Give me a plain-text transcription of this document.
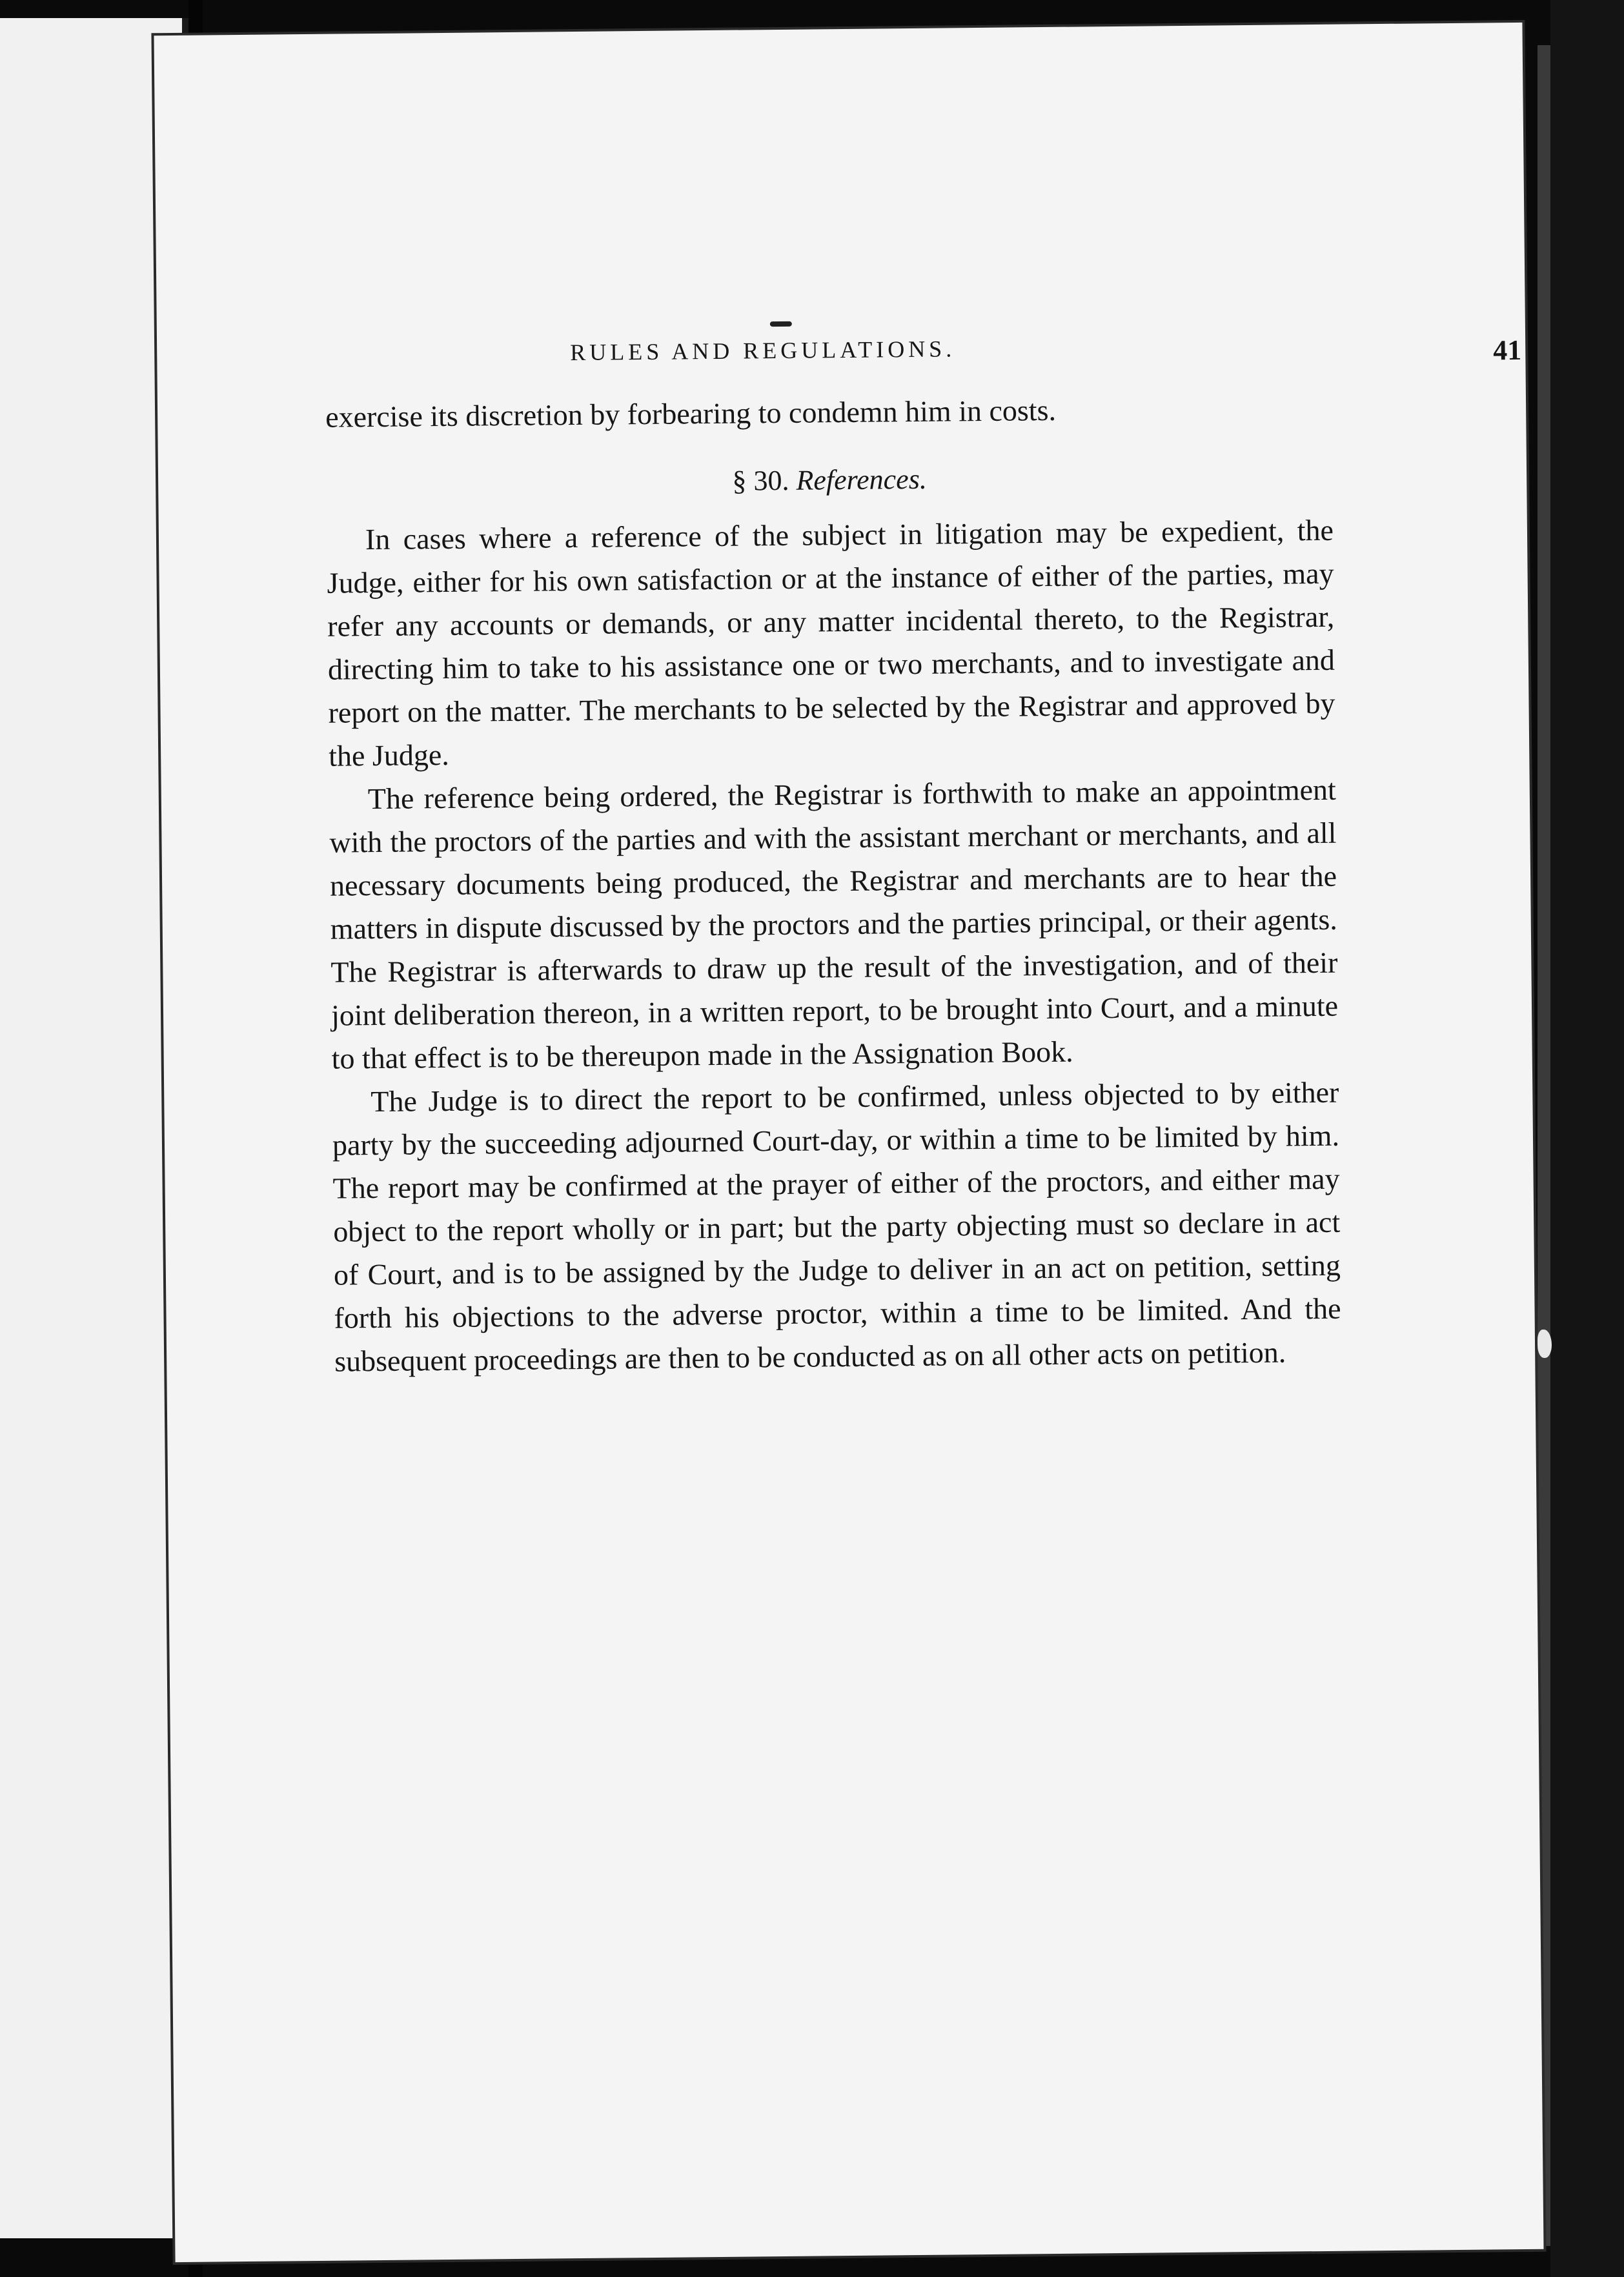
RULES AND REGULATIONS.	41

exercise its discretion by forbearing to condemn him in costs.

§ 30. References.

In cases where a reference of the subject in litigation may be expedient, the Judge, either for his own satisfaction or at the instance of either of the parties, may refer any accounts or demands, or any matter incidental thereto, to the Registrar, directing him to take to his assistance one or two merchants, and to investigate and report on the matter. The merchants to be selected by the Registrar and approved by the Judge.

The reference being ordered, the Registrar is forthwith to make an appointment with the proctors of the parties and with the assistant merchant or merchants, and all necessary documents being produced, the Registrar and merchants are to hear the matters in dispute discussed by the proctors and the parties principal, or their agents. The Registrar is afterwards to draw up the result of the investigation, and of their joint deliberation thereon, in a written report, to be brought into Court, and a minute to that effect is to be thereupon made in the Assignation Book.

The Judge is to direct the report to be confirmed, unless objected to by either party by the succeeding adjourned Court-day, or within a time to be limited by him. The report may be confirmed at the prayer of either of the proctors, and either may object to the report wholly or in part; but the party objecting must so declare in act of Court, and is to be assigned by the Judge to deliver in an act on petition, setting forth his objections to the adverse proctor, within a time to be limited. And the subsequent proceedings are then to be conducted as on all other acts on petition.
